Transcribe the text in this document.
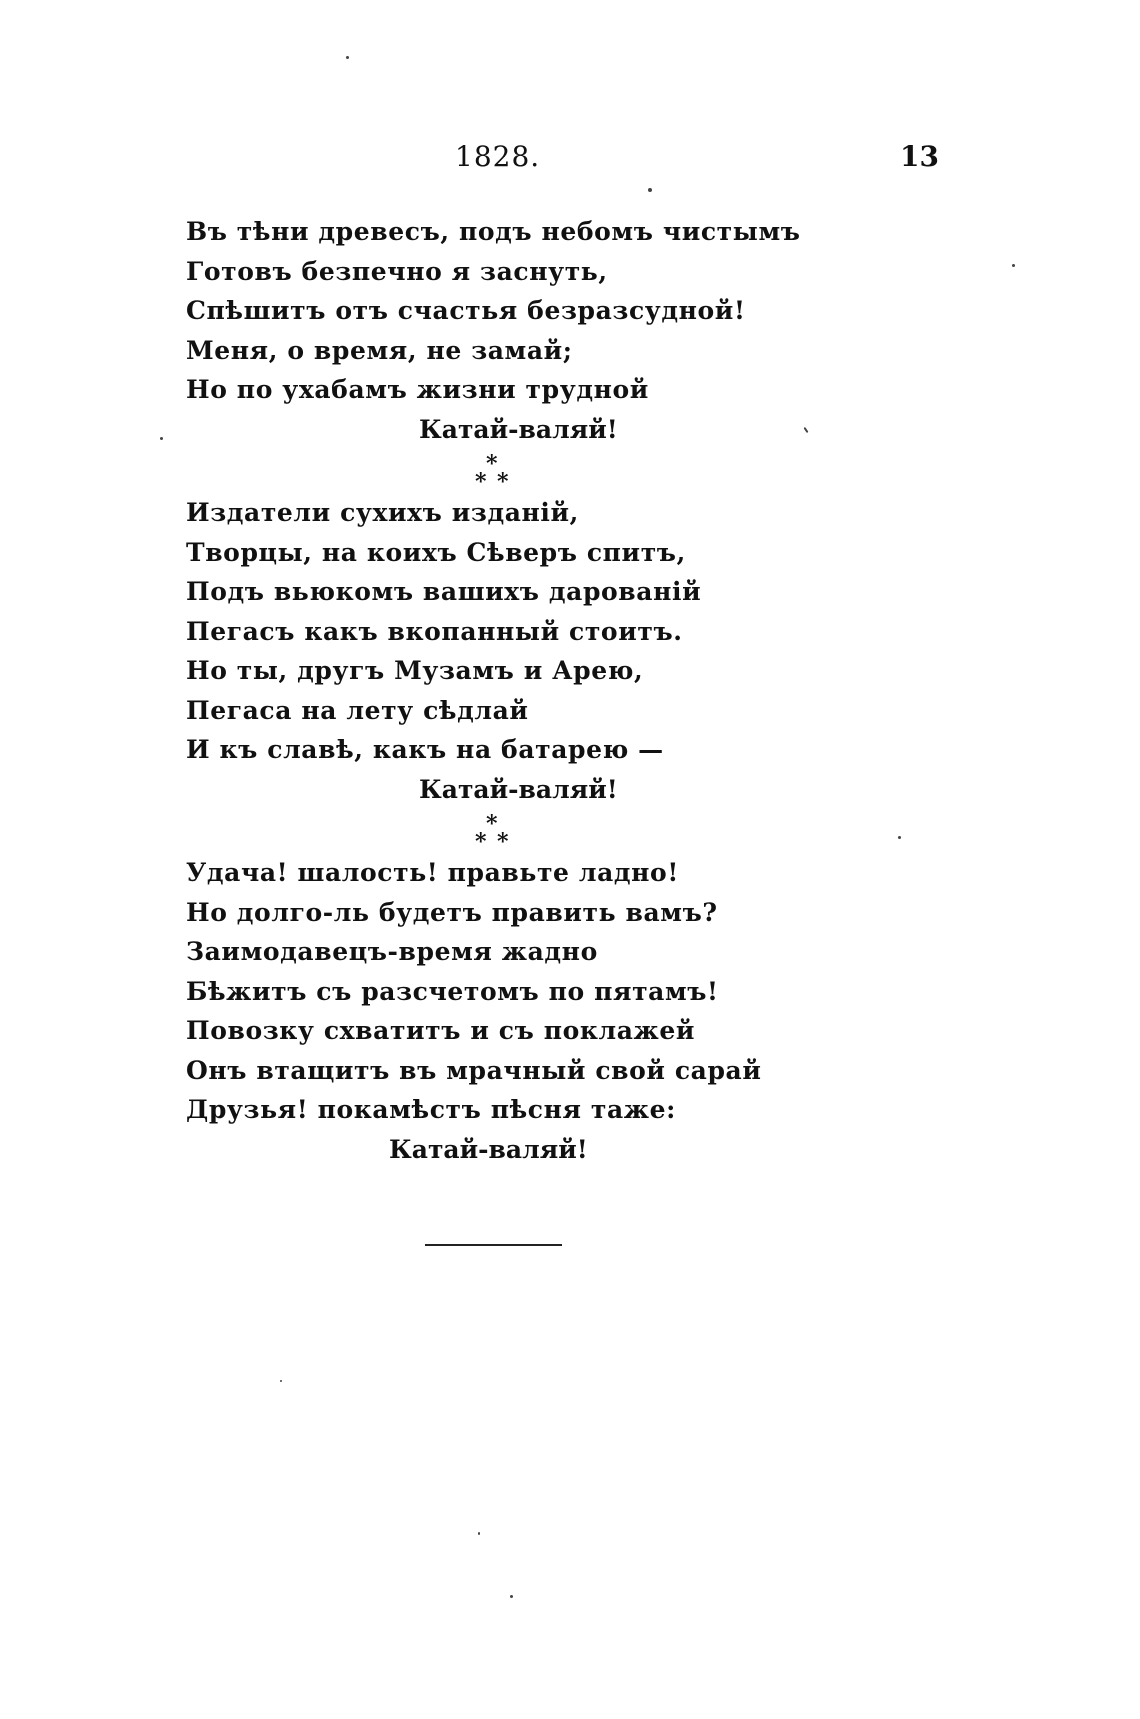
1828.	13
Въ тѣни древесъ, подъ небомъ чистымъ
Готовъ безпечно я заснуть,
Спѣшитъ отъ счастья безразсудной!
Меня, о время, не замай;
Но по ухабамъ жизни трудной
Катай-валяй!
*
* *
Издатели сухихъ изданій,
Творцы, на коихъ Сѣверъ спитъ,
Подъ вьюкомъ вашихъ дарованій
Пегасъ какъ вкопанный стоитъ.
Но ты, другъ Музамъ и Арею,
Пегаса на лету сѣдлай
И къ славѣ, какъ на батарею —
Катай-валяй!
*
* *
Удача! шалость! правьте ладно!
Но долго-ль будетъ править вамъ?
Заимодавецъ-время жадно
Бѣжитъ съ разсчетомъ по пятамъ!
Повозку схватитъ и съ поклажей
Онъ втащитъ въ мрачный свой сарай
Друзья! покамѣстъ пѣсня таже:
Катай-валяй!
